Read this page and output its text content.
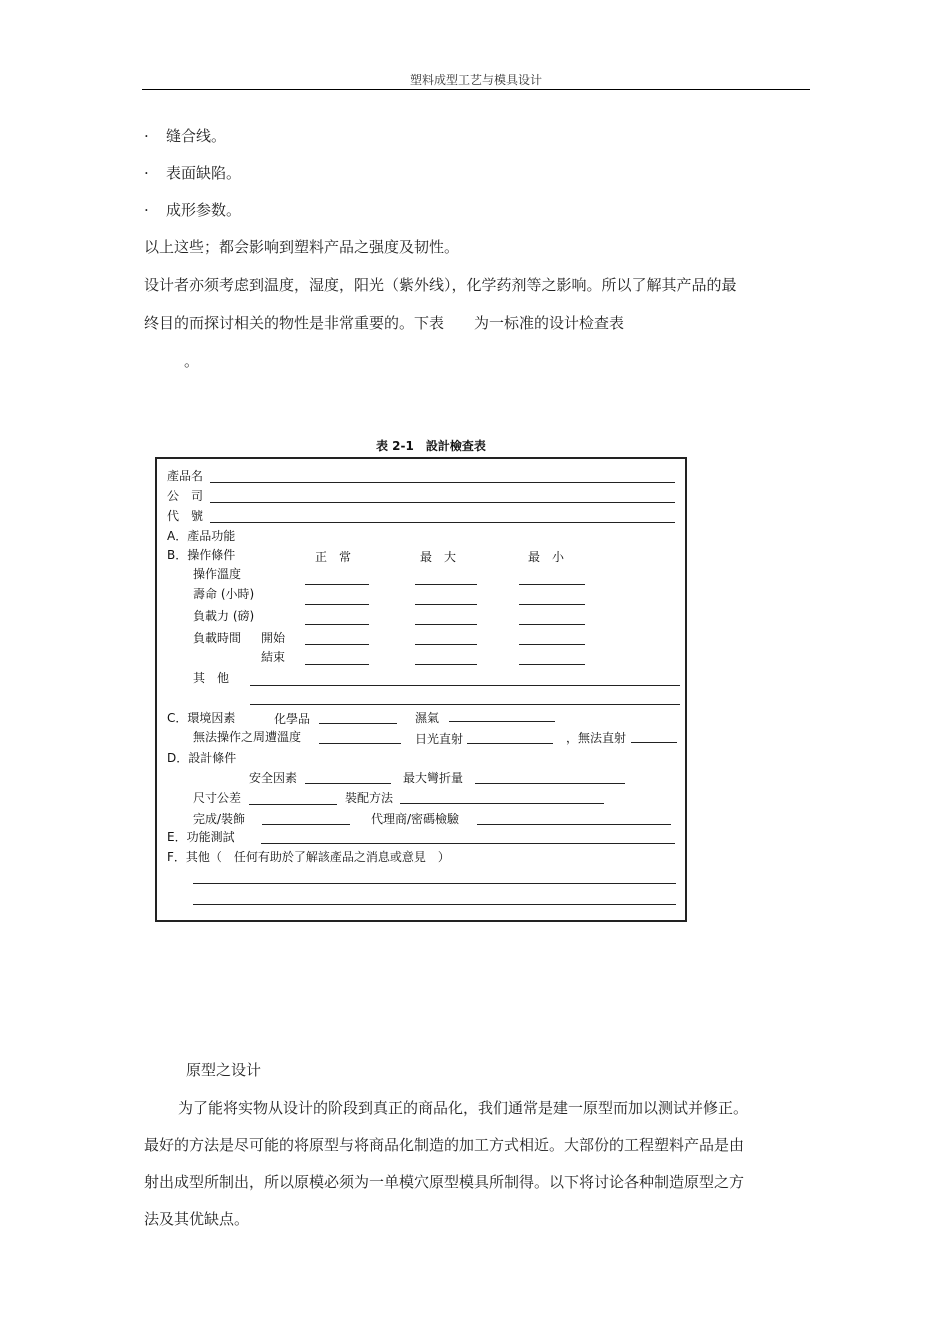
塑料成型工艺与模具设计
· 缝合线。
· 表面缺陷。
· 成形参数。
以上这些；都会影响到塑料产品之强度及韧性。
设计者亦须考虑到温度，湿度，阳光（紫外线），化学药剂等之影响。所以了解其产品的最
终目的而探讨相关的物性是非常重要的。下表　　为一标准的设计检查表
。
表 2-1　設計檢查表
產品名
公　司
代　號
A．產品功能
B．操作條件	正　常	最　大	最　小
操作溫度
壽命 (小時)
負載力 (磅)
負載時間 開始
結束
其　他
C．環境因素	化學品	濕氣
無法操作之周遭溫度	日光直射	，無法直射
D．設計條件
安全因素	最大彎折量
尺寸公差	裝配方法
完成/裝飾	代理商/密碼檢驗
E．功能測試
F．其他（　任何有助於了解該產品之消息或意見　）
原型之设计
为了能将实物从设计的阶段到真正的商品化，我们通常是建一原型而加以测试并修正。
最好的方法是尽可能的将原型与将商品化制造的加工方式相近。大部份的工程塑料产品是由
射出成型所制出，所以原模必须为一单模穴原型模具所制得。以下将讨论各种制造原型之方
法及其优缺点。
